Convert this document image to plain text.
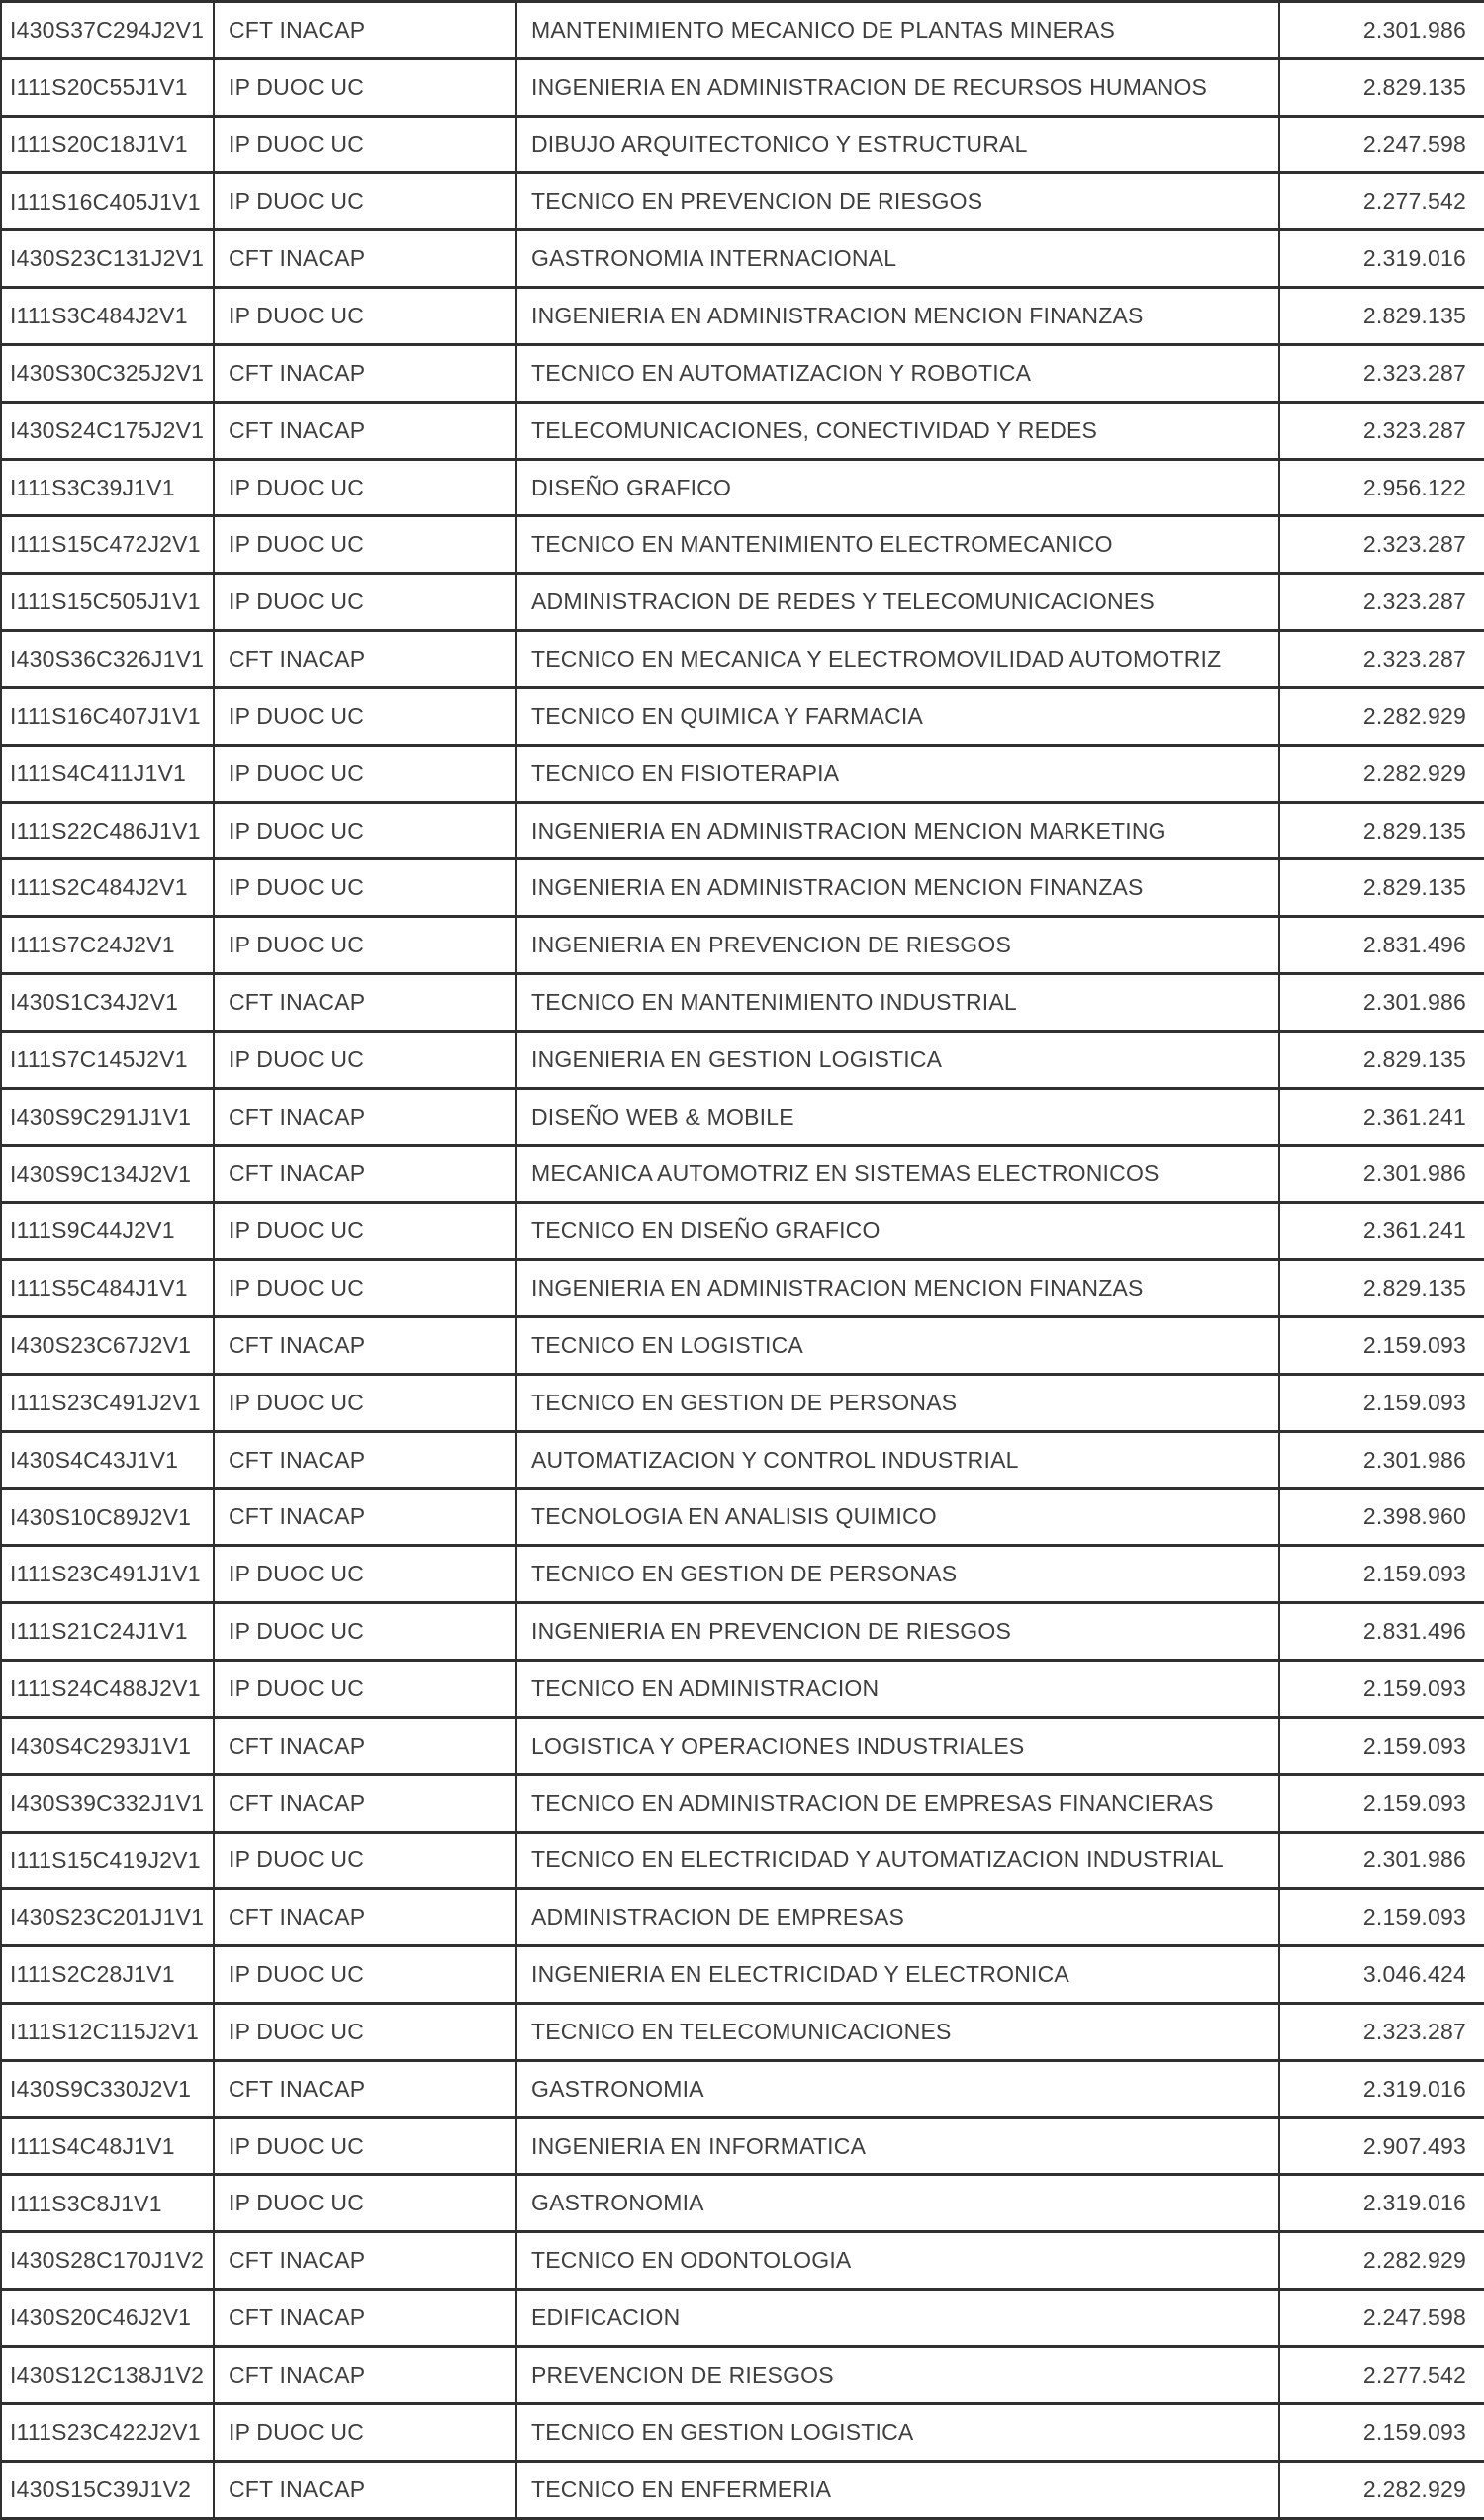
I430S37C294J2V1	CFT INACAP	MANTENIMIENTO MECANICO DE PLANTAS MINERAS	2.301.986
I111S20C55J1V1	IP DUOC UC	INGENIERIA EN ADMINISTRACION DE RECURSOS HUMANOS	2.829.135
I111S20C18J1V1	IP DUOC UC	DIBUJO ARQUITECTONICO Y ESTRUCTURAL	2.247.598
I111S16C405J1V1	IP DUOC UC	TECNICO EN PREVENCION DE RIESGOS	2.277.542
I430S23C131J2V1	CFT INACAP	GASTRONOMIA INTERNACIONAL	2.319.016
I111S3C484J2V1	IP DUOC UC	INGENIERIA EN ADMINISTRACION MENCION FINANZAS	2.829.135
I430S30C325J2V1	CFT INACAP	TECNICO EN AUTOMATIZACION Y ROBOTICA	2.323.287
I430S24C175J2V1	CFT INACAP	TELECOMUNICACIONES, CONECTIVIDAD Y REDES	2.323.287
I111S3C39J1V1	IP DUOC UC	DISEÑO GRAFICO	2.956.122
I111S15C472J2V1	IP DUOC UC	TECNICO EN MANTENIMIENTO ELECTROMECANICO	2.323.287
I111S15C505J1V1	IP DUOC UC	ADMINISTRACION DE REDES Y TELECOMUNICACIONES	2.323.287
I430S36C326J1V1	CFT INACAP	TECNICO EN MECANICA Y ELECTROMOVILIDAD AUTOMOTRIZ	2.323.287
I111S16C407J1V1	IP DUOC UC	TECNICO EN QUIMICA Y FARMACIA	2.282.929
I111S4C411J1V1	IP DUOC UC	TECNICO EN FISIOTERAPIA	2.282.929
I111S22C486J1V1	IP DUOC UC	INGENIERIA EN ADMINISTRACION MENCION MARKETING	2.829.135
I111S2C484J2V1	IP DUOC UC	INGENIERIA EN ADMINISTRACION MENCION FINANZAS	2.829.135
I111S7C24J2V1	IP DUOC UC	INGENIERIA EN PREVENCION DE RIESGOS	2.831.496
I430S1C34J2V1	CFT INACAP	TECNICO EN MANTENIMIENTO INDUSTRIAL	2.301.986
I111S7C145J2V1	IP DUOC UC	INGENIERIA EN GESTION LOGISTICA	2.829.135
I430S9C291J1V1	CFT INACAP	DISEÑO WEB & MOBILE	2.361.241
I430S9C134J2V1	CFT INACAP	MECANICA AUTOMOTRIZ EN SISTEMAS ELECTRONICOS	2.301.986
I111S9C44J2V1	IP DUOC UC	TECNICO EN DISEÑO GRAFICO	2.361.241
I111S5C484J1V1	IP DUOC UC	INGENIERIA EN ADMINISTRACION MENCION FINANZAS	2.829.135
I430S23C67J2V1	CFT INACAP	TECNICO EN LOGISTICA	2.159.093
I111S23C491J2V1	IP DUOC UC	TECNICO EN GESTION DE PERSONAS	2.159.093
I430S4C43J1V1	CFT INACAP	AUTOMATIZACION Y CONTROL INDUSTRIAL	2.301.986
I430S10C89J2V1	CFT INACAP	TECNOLOGIA EN ANALISIS QUIMICO	2.398.960
I111S23C491J1V1	IP DUOC UC	TECNICO EN GESTION DE PERSONAS	2.159.093
I111S21C24J1V1	IP DUOC UC	INGENIERIA EN PREVENCION DE RIESGOS	2.831.496
I111S24C488J2V1	IP DUOC UC	TECNICO EN ADMINISTRACION	2.159.093
I430S4C293J1V1	CFT INACAP	LOGISTICA Y OPERACIONES INDUSTRIALES	2.159.093
I430S39C332J1V1	CFT INACAP	TECNICO EN ADMINISTRACION DE EMPRESAS FINANCIERAS	2.159.093
I111S15C419J2V1	IP DUOC UC	TECNICO EN ELECTRICIDAD Y AUTOMATIZACION INDUSTRIAL	2.301.986
I430S23C201J1V1	CFT INACAP	ADMINISTRACION DE EMPRESAS	2.159.093
I111S2C28J1V1	IP DUOC UC	INGENIERIA EN ELECTRICIDAD Y ELECTRONICA	3.046.424
I111S12C115J2V1	IP DUOC UC	TECNICO EN TELECOMUNICACIONES	2.323.287
I430S9C330J2V1	CFT INACAP	GASTRONOMIA	2.319.016
I111S4C48J1V1	IP DUOC UC	INGENIERIA EN INFORMATICA	2.907.493
I111S3C8J1V1	IP DUOC UC	GASTRONOMIA	2.319.016
I430S28C170J1V2	CFT INACAP	TECNICO EN ODONTOLOGIA	2.282.929
I430S20C46J2V1	CFT INACAP	EDIFICACION	2.247.598
I430S12C138J1V2	CFT INACAP	PREVENCION DE RIESGOS	2.277.542
I111S23C422J2V1	IP DUOC UC	TECNICO EN GESTION LOGISTICA	2.159.093
I430S15C39J1V2	CFT INACAP	TECNICO EN ENFERMERIA	2.282.929
